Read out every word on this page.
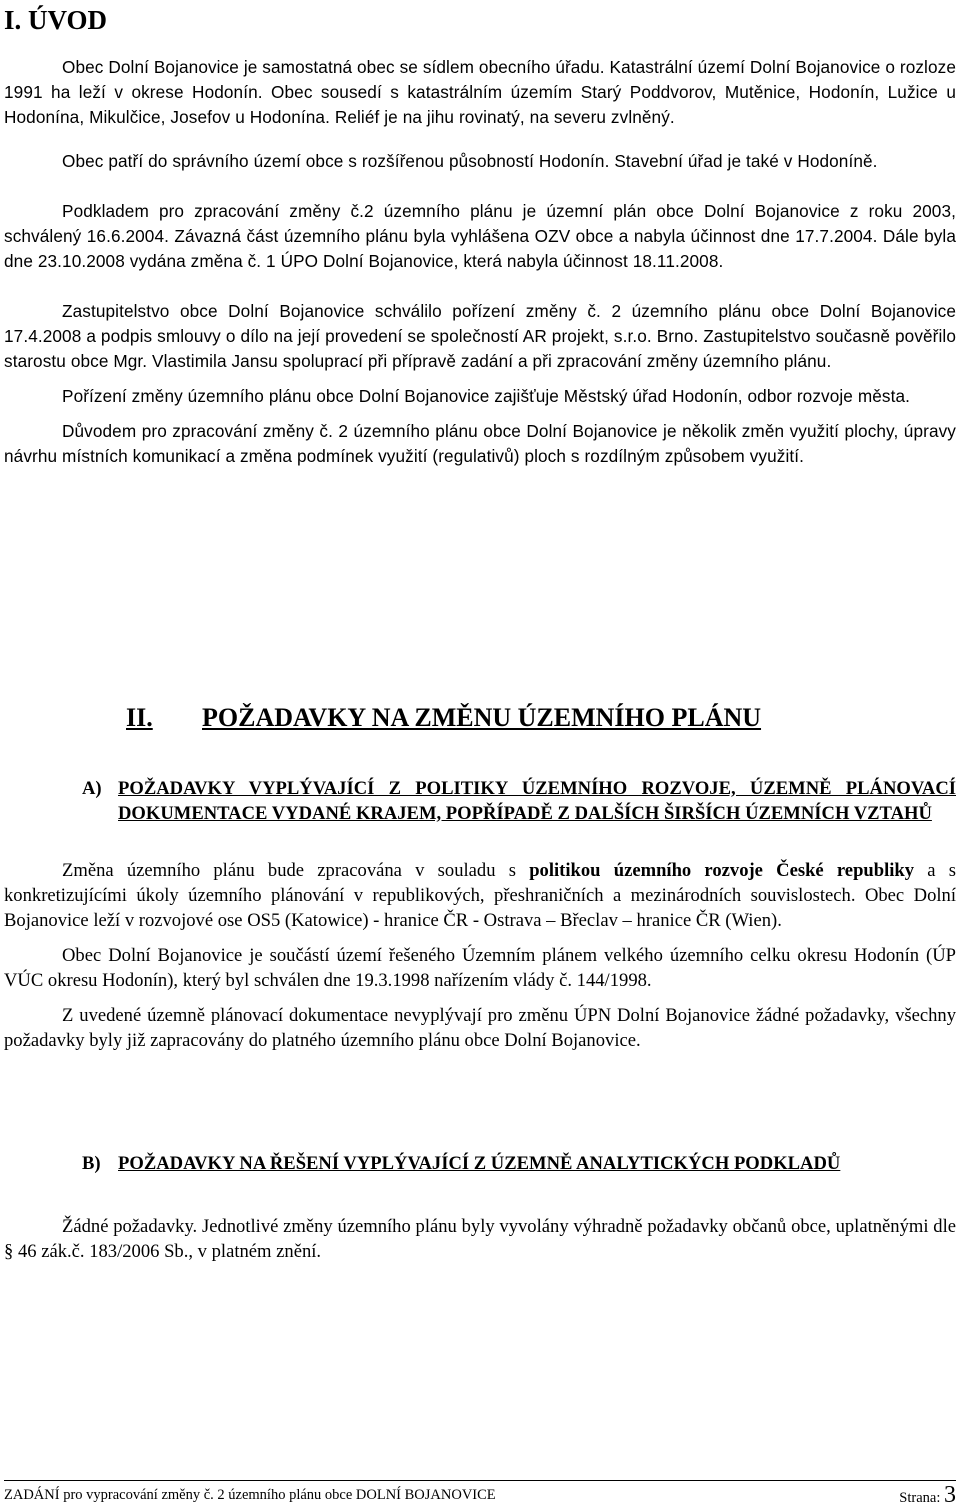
I. ÚVOD

Obec Dolní Bojanovice je samostatná obec se sídlem obecního úřadu. Katastrální území Dolní Bojanovice o rozloze 1991 ha leží v okrese Hodonín. Obec sousedí s katastrálním územím Starý Poddvorov, Mutěnice, Hodonín, Lužice u Hodonína, Mikulčice, Josefov u Hodonína. Reliéf je na jihu rovinatý, na severu zvlněný.

Obec patří do správního území obce s rozšířenou působností Hodonín. Stavební úřad je také v Hodoníně.

Podkladem pro zpracování změny č.2 územního plánu je územní plán obce Dolní Bojanovice z roku 2003, schválený 16.6.2004. Závazná část územního plánu byla vyhlášena OZV obce a nabyla účinnost dne 17.7.2004. Dále byla dne 23.10.2008 vydána změna č. 1 ÚPO Dolní Bojanovice, která nabyla účinnost 18.11.2008.

Zastupitelstvo obce Dolní Bojanovice schválilo pořízení změny č. 2 územního plánu obce Dolní Bojanovice 17.4.2008 a podpis smlouvy o dílo na její provedení se společností AR projekt, s.r.o. Brno. Zastupitelstvo současně pověřilo starostu obce Mgr. Vlastimila Jansu spoluprací při přípravě zadání a při zpracování změny územního plánu.

Pořízení změny územního plánu obce Dolní Bojanovice zajišťuje Městský úřad Hodonín, odbor rozvoje města.

Důvodem pro zpracování změny č. 2 územního plánu obce Dolní Bojanovice je několik změn využití plochy, úpravy návrhu místních komunikací a změna podmínek využití (regulativů) ploch s rozdílným způsobem využití.

II.	POŽADAVKY NA ZMĚNU ÚZEMNÍHO PLÁNU
A) POŽADAVKY VYPLÝVAJÍCÍ Z POLITIKY ÚZEMNÍHO ROZVOJE, ÚZEMNĚ PLÁNOVACÍ DOKUMENTACE VYDANÉ KRAJEM, POPŘÍPADĚ Z DALŠÍCH ŠIRŠÍCH ÚZEMNÍCH VZTAHŮ

Změna územního plánu bude zpracována v souladu s politikou územního rozvoje České republiky a s konkretizujícími úkoly územního plánování v republikových, přeshraničních a mezinárodních souvislostech. Obec Dolní Bojanovice leží v rozvojové ose OS5 (Katowice) - hranice ČR - Ostrava – Břeclav – hranice ČR (Wien).

Obec Dolní Bojanovice je součástí území řešeného Územním plánem velkého územního celku okresu Hodonín (ÚP VÚC okresu Hodonín), který byl schválen dne 19.3.1998 nařízením vlády č. 144/1998.

Z uvedené územně plánovací dokumentace nevyplývají pro změnu ÚPN Dolní Bojanovice žádné požadavky, všechny požadavky byly již zapracovány do platného územního plánu obce Dolní Bojanovice.

B) POŽADAVKY NA ŘEŠENÍ VYPLÝVAJÍCÍ Z ÚZEMNĚ ANALYTICKÝCH PODKLADŮ

Žádné požadavky. Jednotlivé změny územního plánu byly vyvolány výhradně požadavky občanů obce, uplatněnými dle § 46 zák.č. 183/2006 Sb., v platném znění.

ZADÁNÍ pro vypracování změny č. 2 územního plánu obce DOLNÍ BOJANOVICE	Strana: 3
